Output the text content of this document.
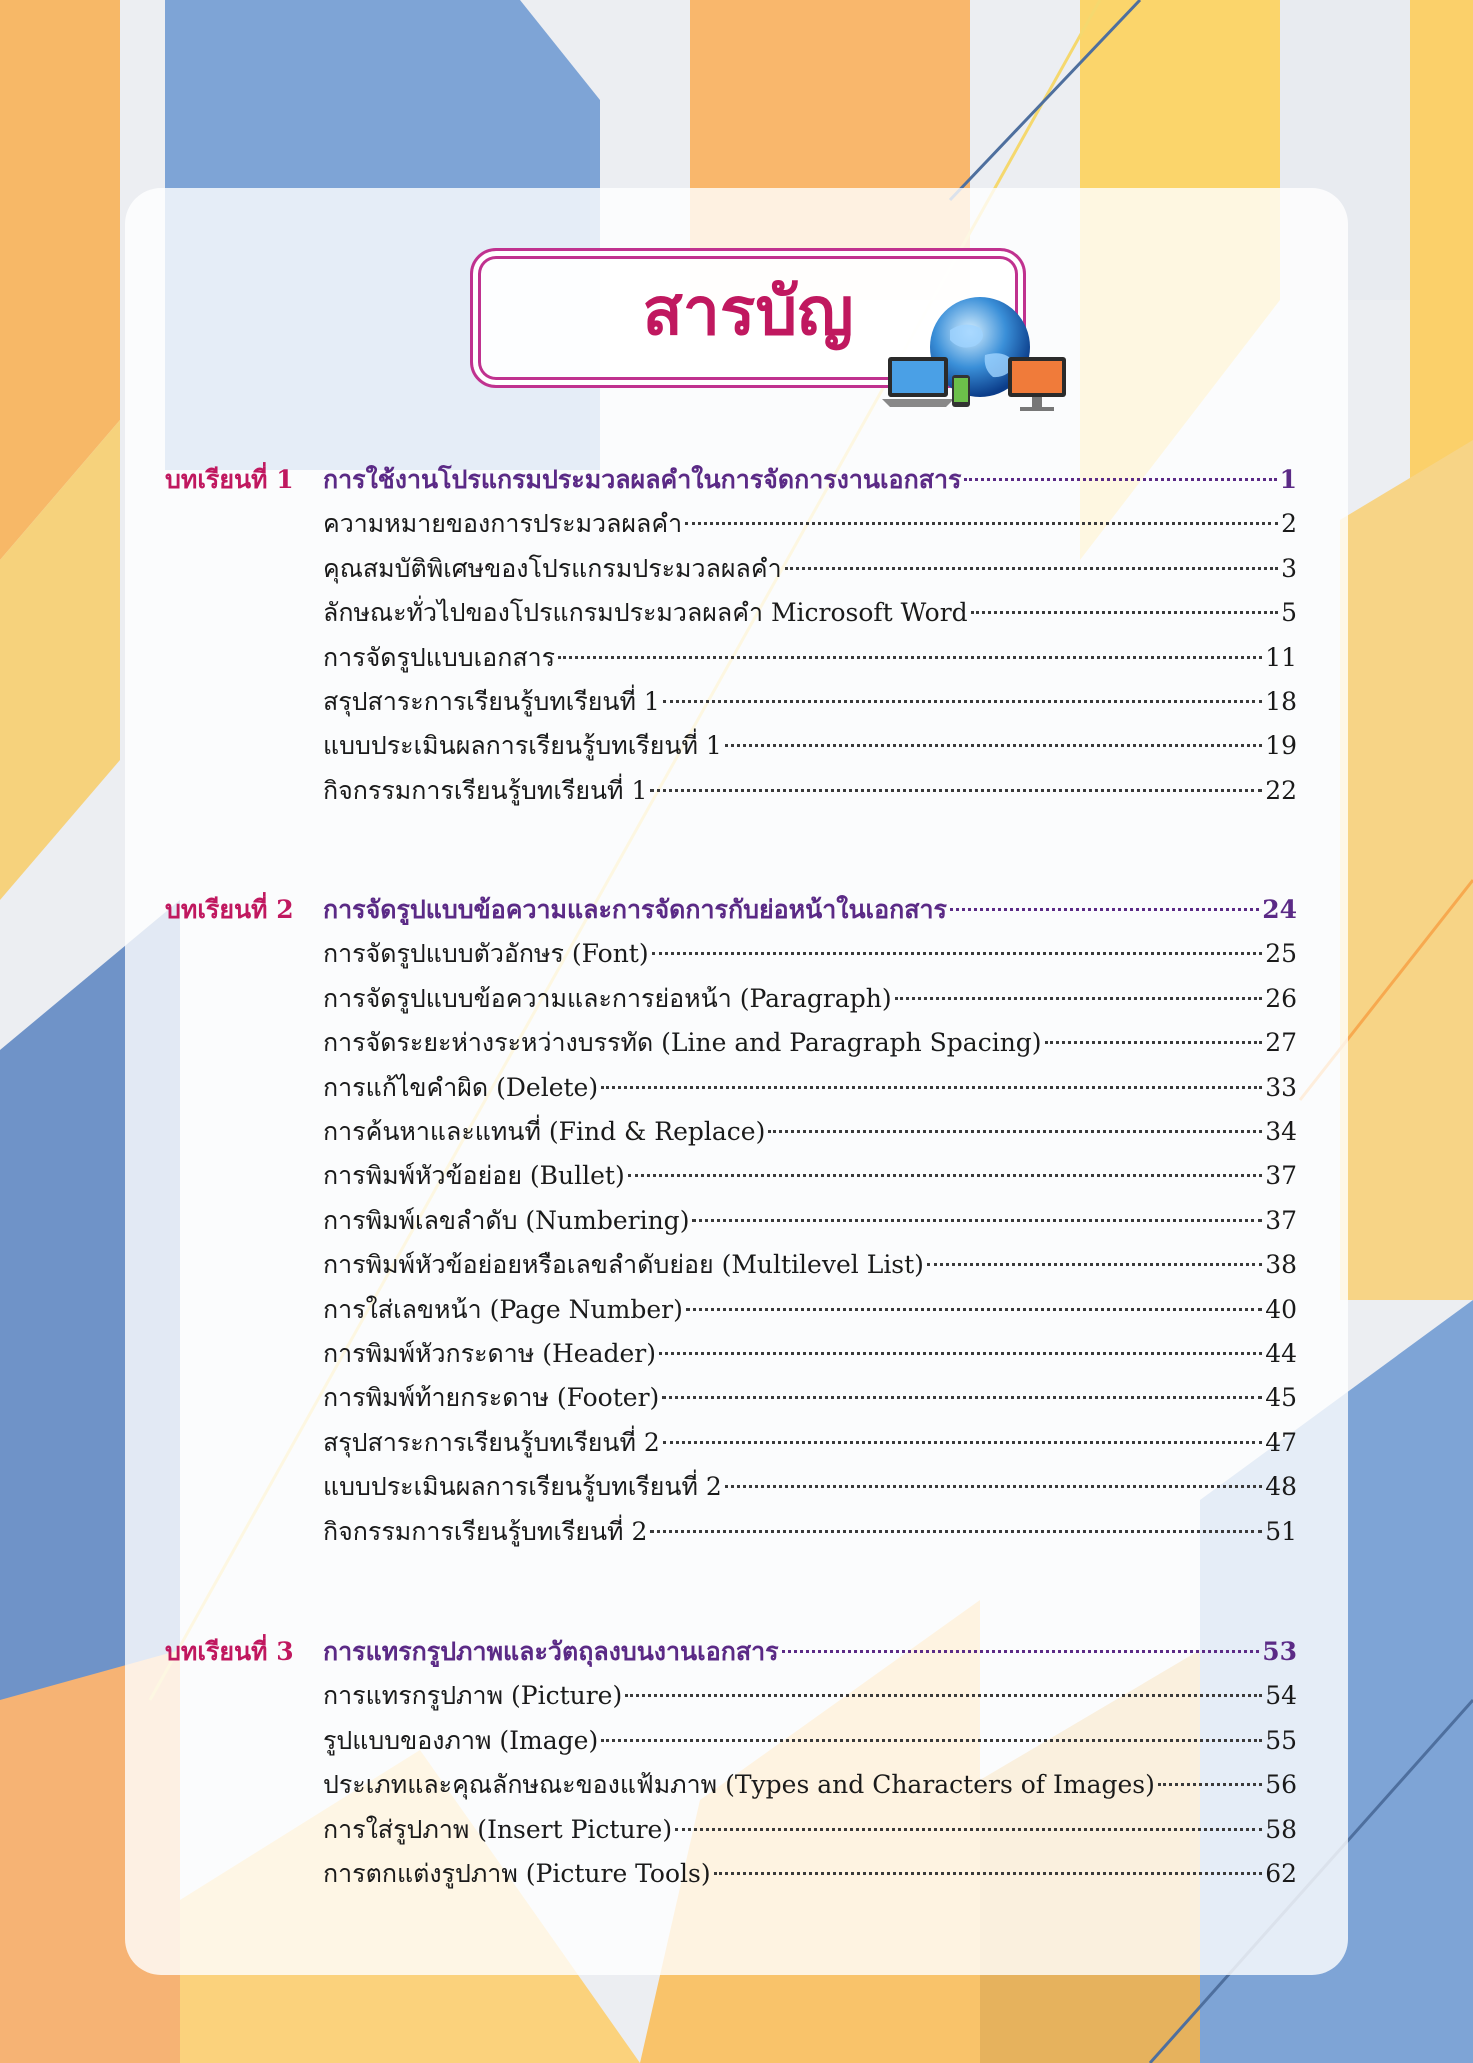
สารบัญ
บทเรียนที่ 1	การใช้งานโปรแกรมประมวลผลคำในการจัดการงานเอกสาร	1
ความหมายของการประมวลผลคำ	2
คุณสมบัติพิเศษของโปรแกรมประมวลผลคำ	3
ลักษณะทั่วไปของโปรแกรมประมวลผลคำ Microsoft Word	5
การจัดรูปแบบเอกสาร	11
สรุปสาระการเรียนรู้บทเรียนที่ 1	18
แบบประเมินผลการเรียนรู้บทเรียนที่ 1	19
กิจกรรมการเรียนรู้บทเรียนที่ 1	22
บทเรียนที่ 2	การจัดรูปแบบข้อความและการจัดการกับย่อหน้าในเอกสาร	24
การจัดรูปแบบตัวอักษร (Font)	25
การจัดรูปแบบข้อความและการย่อหน้า (Paragraph)	26
การจัดระยะห่างระหว่างบรรทัด (Line and Paragraph Spacing)	27
การแก้ไขคำผิด (Delete)	33
การค้นหาและแทนที่ (Find & Replace)	34
การพิมพ์หัวข้อย่อย (Bullet)	37
การพิมพ์เลขลำดับ (Numbering)	37
การพิมพ์หัวข้อย่อยหรือเลขลำดับย่อย (Multilevel List)	38
การใส่เลขหน้า (Page Number)	40
การพิมพ์หัวกระดาษ (Header)	44
การพิมพ์ท้ายกระดาษ (Footer)	45
สรุปสาระการเรียนรู้บทเรียนที่ 2	47
แบบประเมินผลการเรียนรู้บทเรียนที่ 2	48
กิจกรรมการเรียนรู้บทเรียนที่ 2	51
บทเรียนที่ 3	การแทรกรูปภาพและวัตถุลงบนงานเอกสาร	53
การแทรกรูปภาพ (Picture)	54
รูปแบบของภาพ (Image)	55
ประเภทและคุณลักษณะของแฟ้มภาพ (Types and Characters of Images)	56
การใส่รูปภาพ (Insert Picture)	58
การตกแต่งรูปภาพ (Picture Tools)	62
